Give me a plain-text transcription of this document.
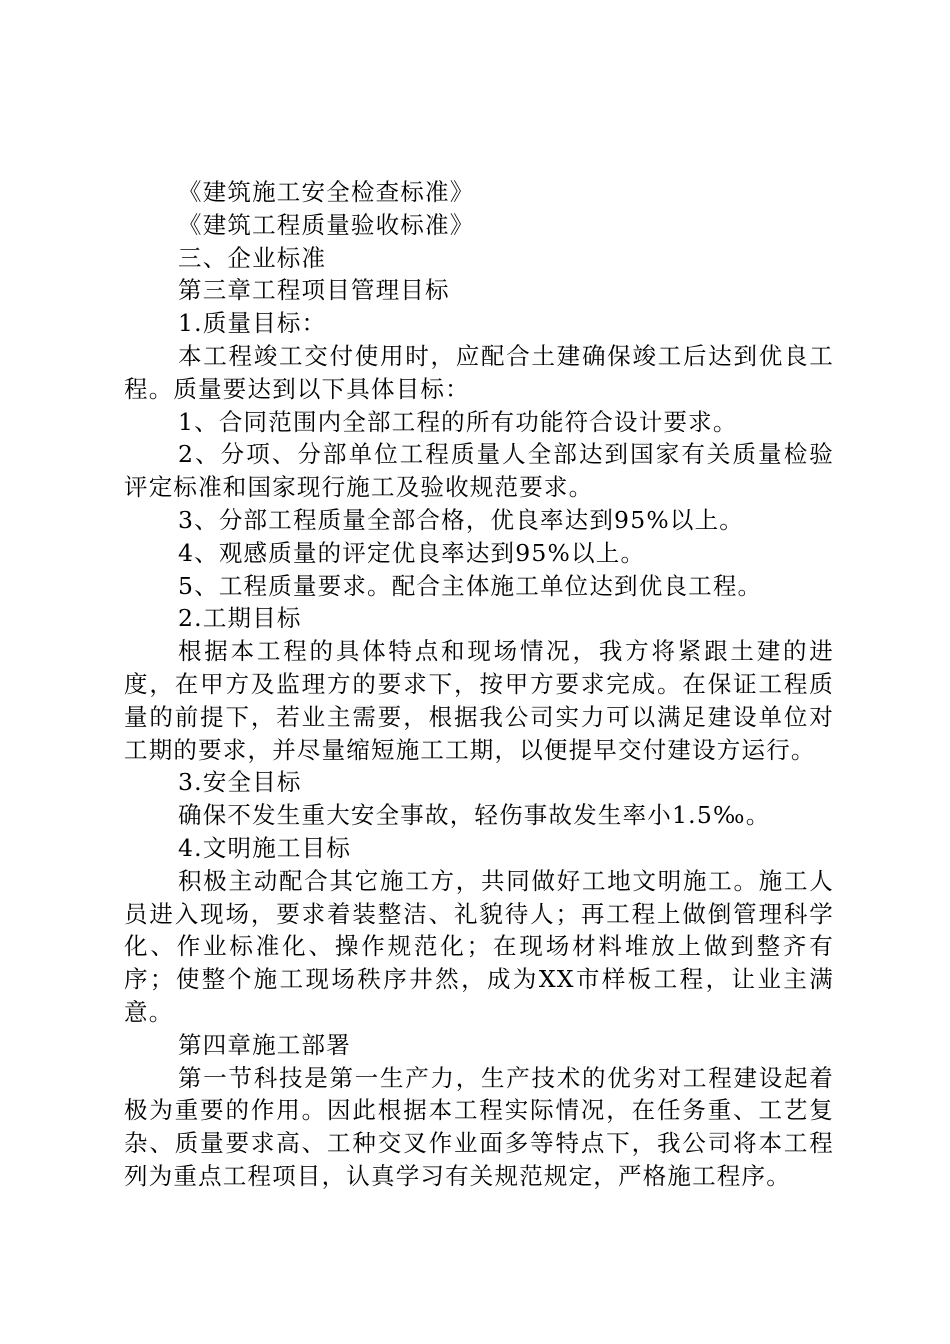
《建筑施工安全检查标准》

《建筑工程质量验收标准》

三、企业标准

第三章工程项目管理目标

1.质量目标：

本工程竣工交付使用时，应配合土建确保竣工后达到优良工程。质量要达到以下具体目标：

1、合同范围内全部工程的所有功能符合设计要求。

2、分项、分部单位工程质量人全部达到国家有关质量检验评定标准和国家现行施工及验收规范要求。

3、分部工程质量全部合格，优良率达到95%以上。

4、观感质量的评定优良率达到95%以上。

5、工程质量要求。配合主体施工单位达到优良工程。

2.工期目标

根据本工程的具体特点和现场情况，我方将紧跟土建的进度，在甲方及监理方的要求下，按甲方要求完成。在保证工程质量的前提下，若业主需要，根据我公司实力可以满足建设单位对工期的要求，并尽量缩短施工工期，以便提早交付建设方运行。

3.安全目标

确保不发生重大安全事故，轻伤事故发生率小1.5‰。

4.文明施工目标

积极主动配合其它施工方，共同做好工地文明施工。施工人员进入现场，要求着装整洁、礼貌待人；再工程上做倒管理科学化、作业标准化、操作规范化；在现场材料堆放上做到整齐有序；使整个施工现场秩序井然，成为XX市样板工程，让业主满意。

第四章施工部署

第一节科技是第一生产力，生产技术的优劣对工程建设起着极为重要的作用。因此根据本工程实际情况，在任务重、工艺复杂、质量要求高、工种交叉作业面多等特点下，我公司将本工程列为重点工程项目，认真学习有关规范规定，严格施工程序。
